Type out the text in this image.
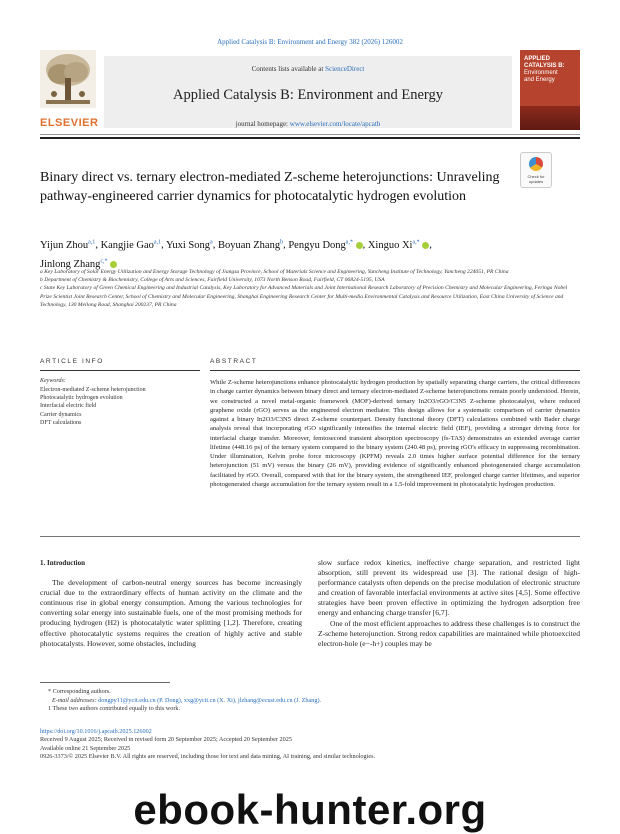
Applied Catalysis B: Environment and Energy 382 (2026) 126002
ELSEVIER
Contents lists available at ScienceDirect
Applied Catalysis B: Environment and Energy
journal homepage: www.elsevier.com/locate/apcatb
APPLIED
CATALYSIS B:
Environment
and Energy
Binary direct vs. ternary electron-mediated Z-scheme heterojunctions: Unraveling pathway-engineered carrier dynamics for photocatalytic hydrogen evolution
Check for updates
Yijun Zhou$^{a,1}$, Kangjie Gao$^{a,1}$, Yuxi Song$^a$, Boyuan Zhang$^b$, Pengyu Dong$^{a,*}$ , Xinguo $Xi^{a,*}$ ,
Jinlong Zhang$^{c,*}$
a Key Laboratory of Solar Energy Utilization and Energy Storage Technology of Jiangsu Province, School of Materials Science and Engineering, Yancheng Institute of Technology, Yancheng 224051, PR China
b Department of Chemistry & Biochemistry, College of Arts and Sciences, Fairfield University, 1073 North Benson Road, Fairfield, CT 06824-5195, USA
c State Key Laboratory of Green Chemical Engineering and Industrial Catalysis, Key Laboratory for Advanced Materials and Joint International Research Laboratory of Precision Chemistry and Molecular Engineering, Feringa Nobel Prize Scientist Joint Research Center, School of Chemistry and Molecular Engineering, Shanghai Engineering Research Center for Multi-media Environmental Catalysis and Resource Utilization, East China University of Science and Technology, 130 Meilong Road, Shanghai 200237, PR China
ARTICLE INFO	ABSTRACT
Keywords:
Electron-mediated Z-scheme heterojunction
Photocatalytic hydrogen evolution
Interfacial electric field
Carrier dynamics
DFT calculations
While Z-scheme heterojunctions enhance photocatalytic hydrogen production by spatially separating charge carriers, the critical differences in charge carrier dynamics between binary direct and ternary electron-mediated Z-scheme heterojunctions remain poorly understood. Herein, we constructed a novel metal-organic framework (MOF)-derived ternary In2O3/rGO/C3N5 Z-scheme photocatalyst, where reduced graphene oxide (rGO) serves as the engineered electron mediator. This design allows for a systematic comparison of carrier dynamics against a binary In2O3/C3N5 direct Z-scheme counterpart. Density functional theory (DFT) calculations combined with Bader charge analysis reveal that incorporating rGO significantly intensifies the internal electric field (IEF), providing a stronger driving force for interfacial charge transfer. Moreover, femtosecond transient absorption spectroscopy (fs-TAS) demonstrates an extended average carrier lifetime (448.16 ps) of the ternary system compared to the binary system (240.48 ps), proving rGO's efficacy in suppressing recombination. Under illumination, Kelvin probe force microscopy (KPFM) reveals 2.0 times higher surface potential difference for the ternary heterojunction (51 mV) versus the binary (26 mV), providing evidence of significantly enhanced photogenerated charge accumulation facilitated by rGO. Overall, compared with that for the binary system, the strengthened IEF, prolonged charge carrier lifetimes, and superior photogenerated charge accumulation for the ternary system result in a 1.5-fold improvement in photocatalytic hydrogen production.

1. Introduction

The development of carbon-neutral energy sources has become increasingly crucial due to the extraordinary effects of human activity on the climate and the continuous rise in global energy consumption. Among the various technologies for converting solar energy into sustainable fuels, one of the most promising methods for producing hydrogen (H2) is photocatalytic water splitting [1,2]. Therefore, creating effective photocatalytic systems requires the creation of highly active and stable photocatalysts. However, some obstacles, including

slow surface redox kinetics, ineffective charge separation, and restricted light absorption, still prevent its widespread use [3]. The rational design of high-performance catalysts often depends on the precise modulation of electronic structure and creation of favorable interfacial environments at active sites [4,5]. Some effective strategies have been proven effective in optimizing the hydrogen adsorption free energy and enhancing charge transfer [6,7].

One of the most efficient approaches to address these challenges is to construct the Z-scheme heterojunction. Strong redox capabilities are maintained while photoexcited electron-hole (e−-h+) couples may be

* Corresponding authors.
E-mail addresses: dongpy11@ycit.edu.cn (P. Dong), xxg@ycit.cn (X. Xi), jlzhang@ecust.edu.cn (J. Zhang).
1 These two authors contributed equally to this work.
https://doi.org/10.1016/j.apcatb.2025.126002
Received 9 August 2025; Received in revised form 20 September 2025; Accepted 20 September 2025
Available online 21 September 2025
0926-3373/© 2025 Elsevier B.V. All rights are reserved, including those for text and data mining, AI training, and similar technologies.
ebook-hunter.org
